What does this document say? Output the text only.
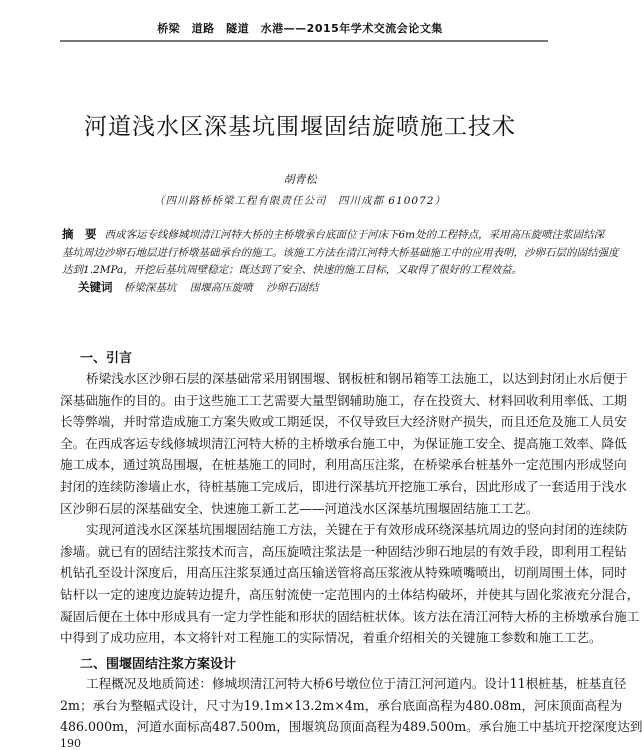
桥梁　道路　隧道　水港——2015年学术交流会论文集
河道浅水区深基坑围堰固结旋喷施工技术
胡青松
（四川路桥桥梁工程有限责任公司　四川成都 610072）
摘　要 西成客运专线修城坝清江河特大桥的主桥墩承台底面位于河床下6m处的工程特点，采用高压旋喷注浆固结深
基坑周边沙卵石地层进行桥墩基础承台的施工。该施工方法在清江河特大桥基础施工中的应用表明，沙卵石层的固结强度
达到1.2MPa，开挖后基坑周壁稳定；既达到了安全、快速的施工目标，又取得了很好的工程效益。
关键词 桥梁深基坑 围堰高压旋喷 沙卵石固结
一、引言
桥梁浅水区沙卵石层的深基础常采用钢围堰、钢板桩和钢吊箱等工法施工，以达到封闭止水后便于
深基础施作的目的。由于这些施工工艺需要大量型钢辅助施工，存在投资大、材料回收利用率低、工期
长等弊端，并时常造成施工方案失败或工期延误，不仅导致巨大经济财产损失，而且还危及施工人员安
全。在西成客运专线修城坝清江河特大桥的主桥墩承台施工中，为保证施工安全、提高施工效率、降低
施工成本，通过筑岛围堰，在桩基施工的同时，利用高压注浆，在桥梁承台桩基外一定范围内形成竖向
封闭的连续防渗墙止水，待桩基施工完成后，即进行深基坑开挖施工承台，因此形成了一套适用于浅水
区沙卵石层的深基础安全、快速施工新工艺——河道浅水区深基坑围堰固结施工工艺。
实现河道浅水区深基坑围堰固结施工方法，关键在于有效形成环绕深基坑周边的竖向封闭的连续防
渗墙。就已有的固结注浆技术而言，高压旋喷注浆法是一种固结沙卵石地层的有效手段，即利用工程钻
机钻孔至设计深度后，用高压注浆泵通过高压输送管将高压浆液从特殊喷嘴喷出，切削周围土体，同时
钻杆以一定的速度边旋转边提升，高压射流使一定范围内的土体结构破坏，并使其与固化浆液充分混合，
凝固后便在土体中形成具有一定力学性能和形状的固结桩状体。该方法在清江河特大桥的主桥墩承台施工
中得到了成功应用，本文将针对工程施工的实际情况，着重介绍相关的关键施工参数和施工工艺。
二、围堰固结注浆方案设计
工程概况及地质简述：修城坝清江河特大桥6号墩位位于清江河河道内。设计11根桩基，桩基直径
2m；承台为整幅式设计，尺寸为19.1m×13.2m×4m，承台底面高程为480.08m，河床顶面高程为
486.000m，河道水面标高487.500m，围堰筑岛顶面高程为489.500m。承台施工中基坑开挖深度达到
190
